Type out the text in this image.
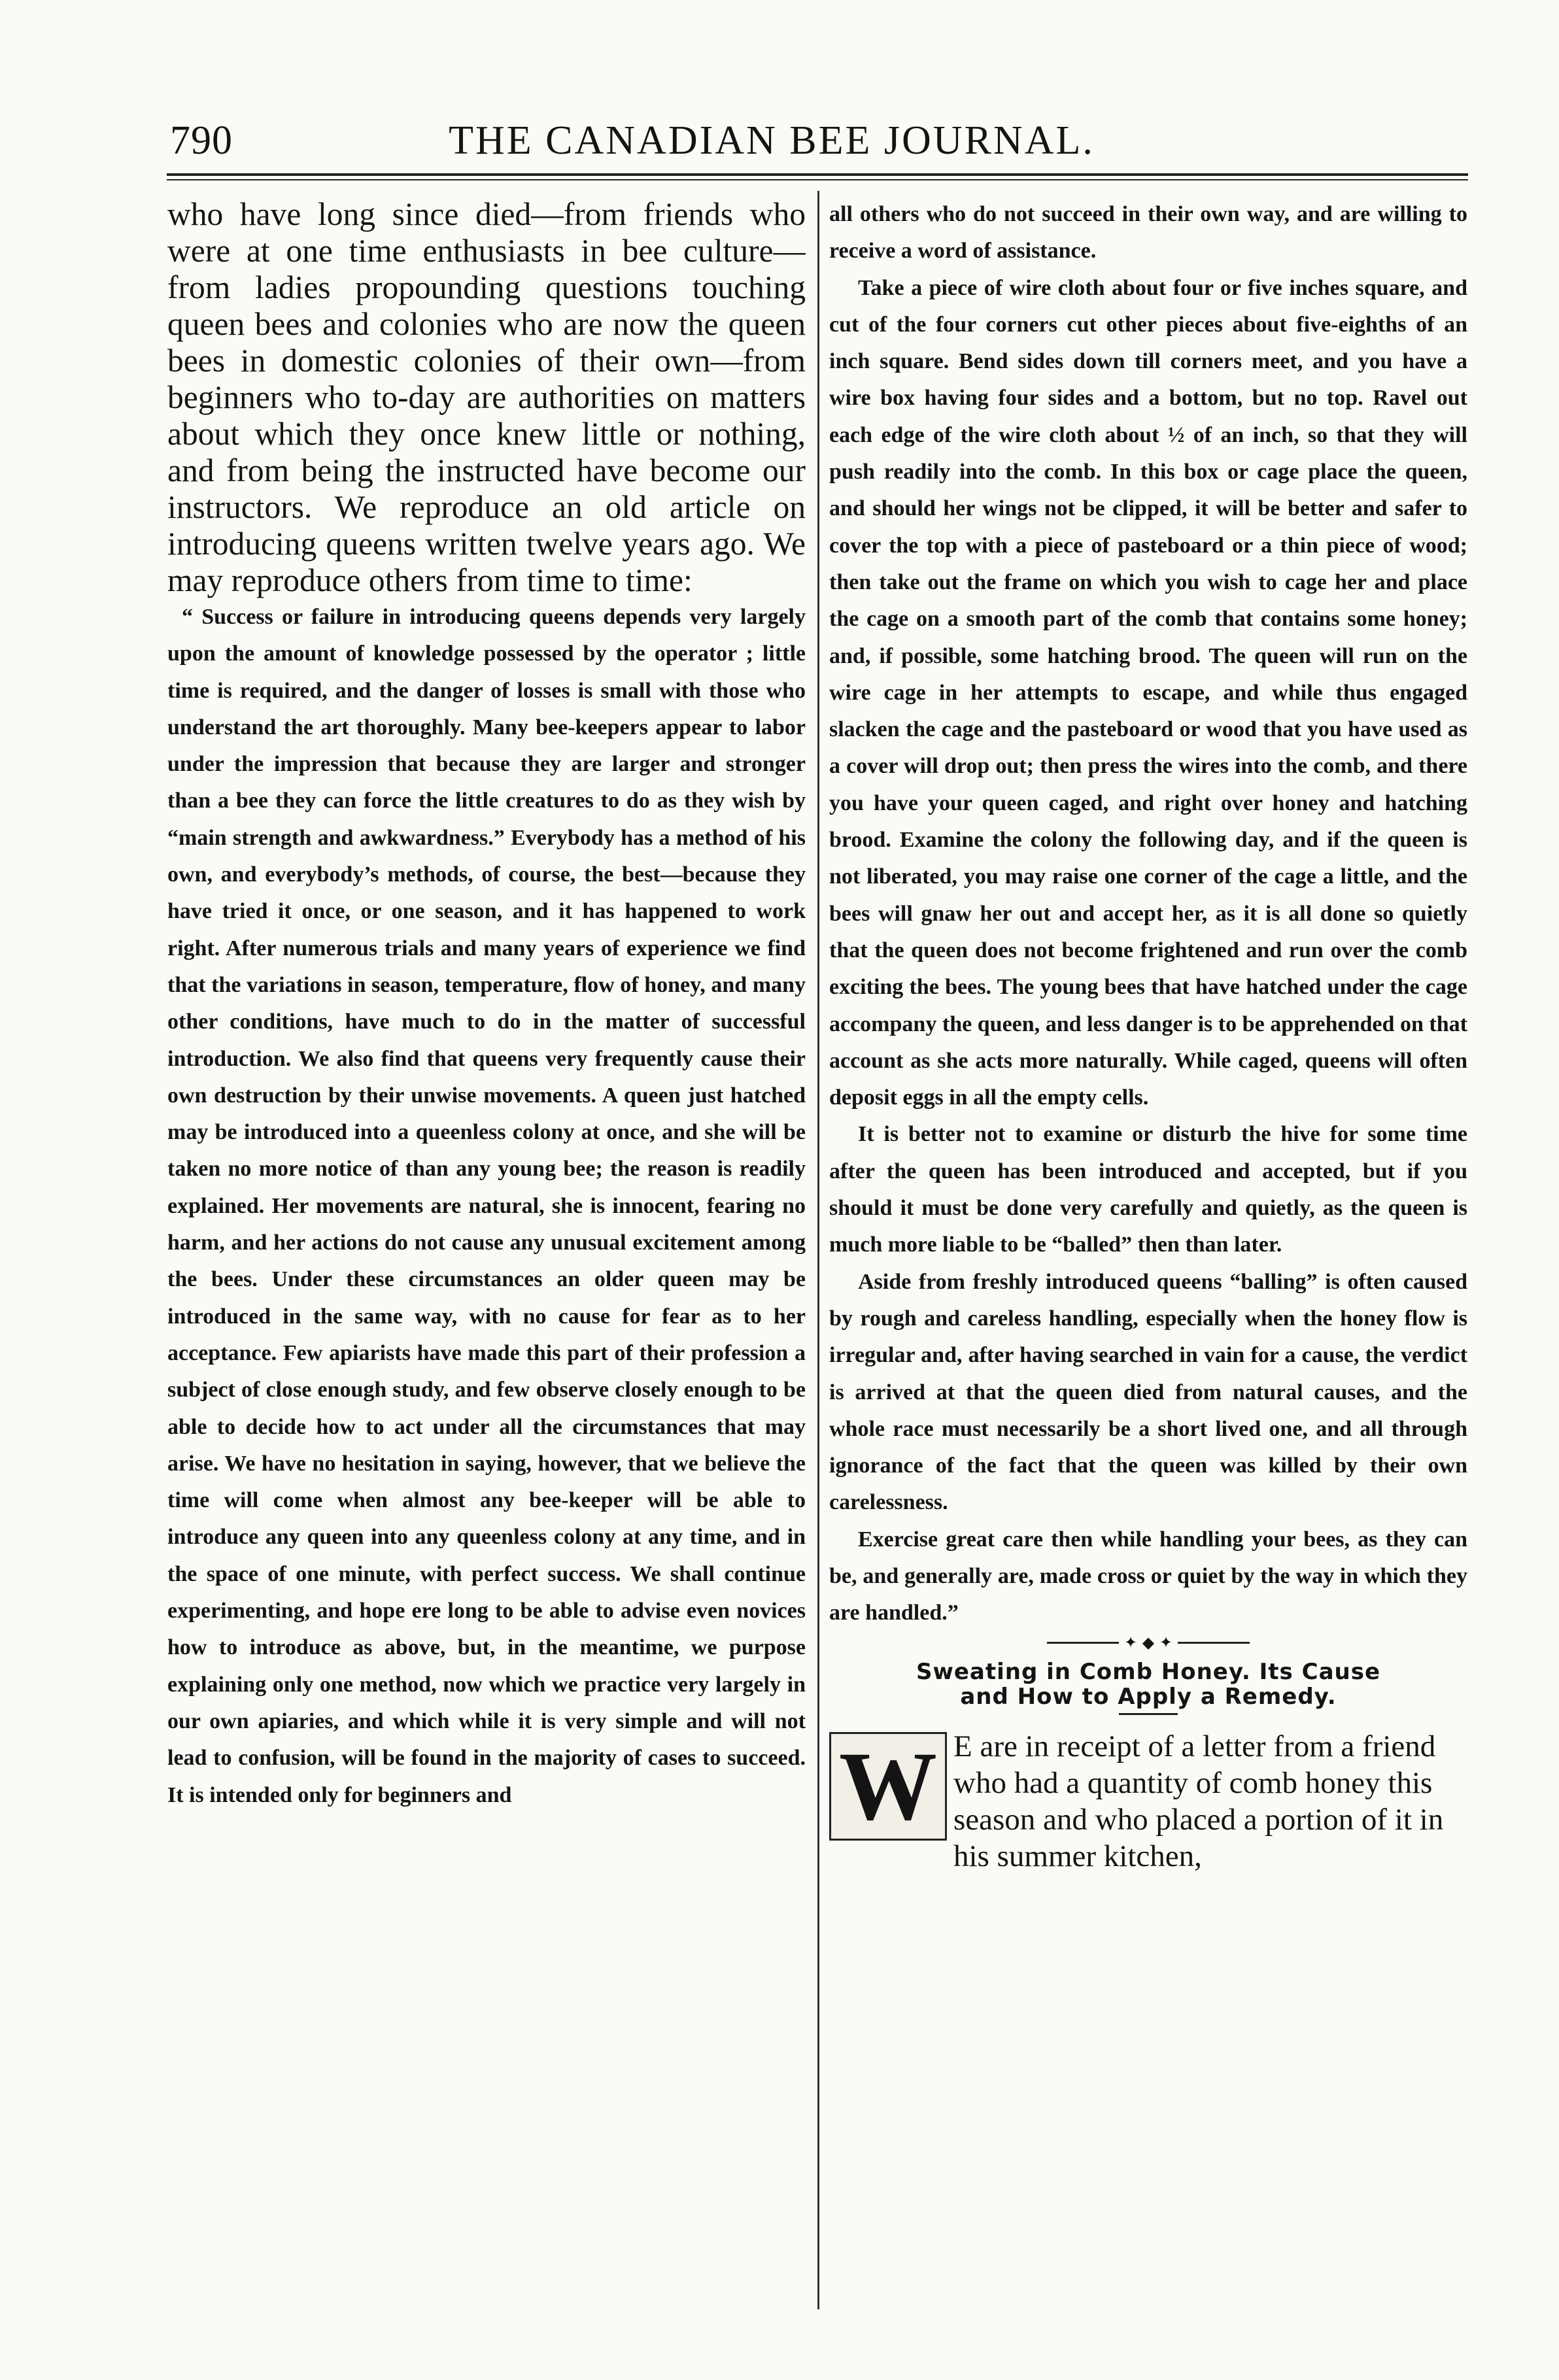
790	THE CANADIAN BEE JOURNAL.

who have long since died—from friends who were at one time enthusiasts in bee culture—from ladies propounding questions touching queen bees and colonies who are now the queen bees in domestic colonies of their own—from beginners who to-day are authorities on matters about which they once knew little or nothing, and from being the instructed have become our instructors. We reproduce an old article on introducing queens written twelve years ago. We may reproduce others from time to time:

“ Success or failure in introducing queens depends very largely upon the amount of knowledge possessed by the operator ; little time is required, and the danger of losses is small with those who understand the art thoroughly. Many bee-keepers appear to labor under the impression that because they are larger and stronger than a bee they can force the little creatures to do as they wish by “main strength and awkwardness.” Everybody has a method of his own, and everybody’s methods, of course, the best—because they have tried it once, or one season, and it has happened to work right. After numerous trials and many years of experience we find that the variations in season, temperature, flow of honey, and many other conditions, have much to do in the matter of successful introduction. We also find that queens very frequently cause their own destruction by their unwise movements. A queen just hatched may be introduced into a queenless colony at once, and she will be taken no more notice of than any young bee; the reason is readily explained. Her movements are natural, she is innocent, fearing no harm, and her actions do not cause any unusual excitement among the bees. Under these circumstances an older queen may be introduced in the same way, with no cause for fear as to her acceptance. Few apiarists have made this part of their profession a subject of close enough study, and few observe closely enough to be able to decide how to act under all the circumstances that may arise. We have no hesitation in saying, however, that we believe the time will come when almost any bee-keeper will be able to introduce any queen into any queenless colony at any time, and in the space of one minute, with perfect success. We shall continue experimenting, and hope ere long to be able to advise even novices how to introduce as above, but, in the meantime, we purpose explaining only one method, now which we practice very largely in our own apiaries, and which while it is very simple and will not lead to confusion, will be found in the majority of cases to succeed. It is intended only for beginners and

all others who do not succeed in their own way, and are willing to receive a word of assistance.

Take a piece of wire cloth about four or five inches square, and cut of the four corners cut other pieces about five-eighths of an inch square. Bend sides down till corners meet, and you have a wire box having four sides and a bottom, but no top. Ravel out each edge of the wire cloth about ½ of an inch, so that they will push readily into the comb. In this box or cage place the queen, and should her wings not be clipped, it will be better and safer to cover the top with a piece of pasteboard or a thin piece of wood; then take out the frame on which you wish to cage her and place the cage on a smooth part of the comb that contains some honey; and, if possible, some hatching brood. The queen will run on the wire cage in her attempts to escape, and while thus engaged slacken the cage and the pasteboard or wood that you have used as a cover will drop out; then press the wires into the comb, and there you have your queen caged, and right over honey and hatching brood. Examine the colony the following day, and if the queen is not liberated, you may raise one corner of the cage a little, and the bees will gnaw her out and accept her, as it is all done so quietly that the queen does not become frightened and run over the comb exciting the bees. The young bees that have hatched under the cage accompany the queen, and less danger is to be apprehended on that account as she acts more naturally. While caged, queens will often deposit eggs in all the empty cells.

It is better not to examine or disturb the hive for some time after the queen has been introduced and accepted, but if you should it must be done very carefully and quietly, as the queen is much more liable to be “balled” then than later.

Aside from freshly introduced queens “balling” is often caused by rough and careless handling, especially when the honey flow is irregular and, after having searched in vain for a cause, the verdict is arrived at that the queen died from natural causes, and the whole race must necessarily be a short lived one, and all through ignorance of the fact that the queen was killed by their own carelessness.

Exercise great care then while handling your bees, as they can be, and generally are, made cross or quiet by the way in which they are handled.”

✦ ◆ ✦
Sweating in Comb Honey. Its Cause
and How to Apply a Remedy.

W E are in receipt of a letter from a friend who had a quantity of comb honey this season and who placed a portion of it in his summer kitchen,
